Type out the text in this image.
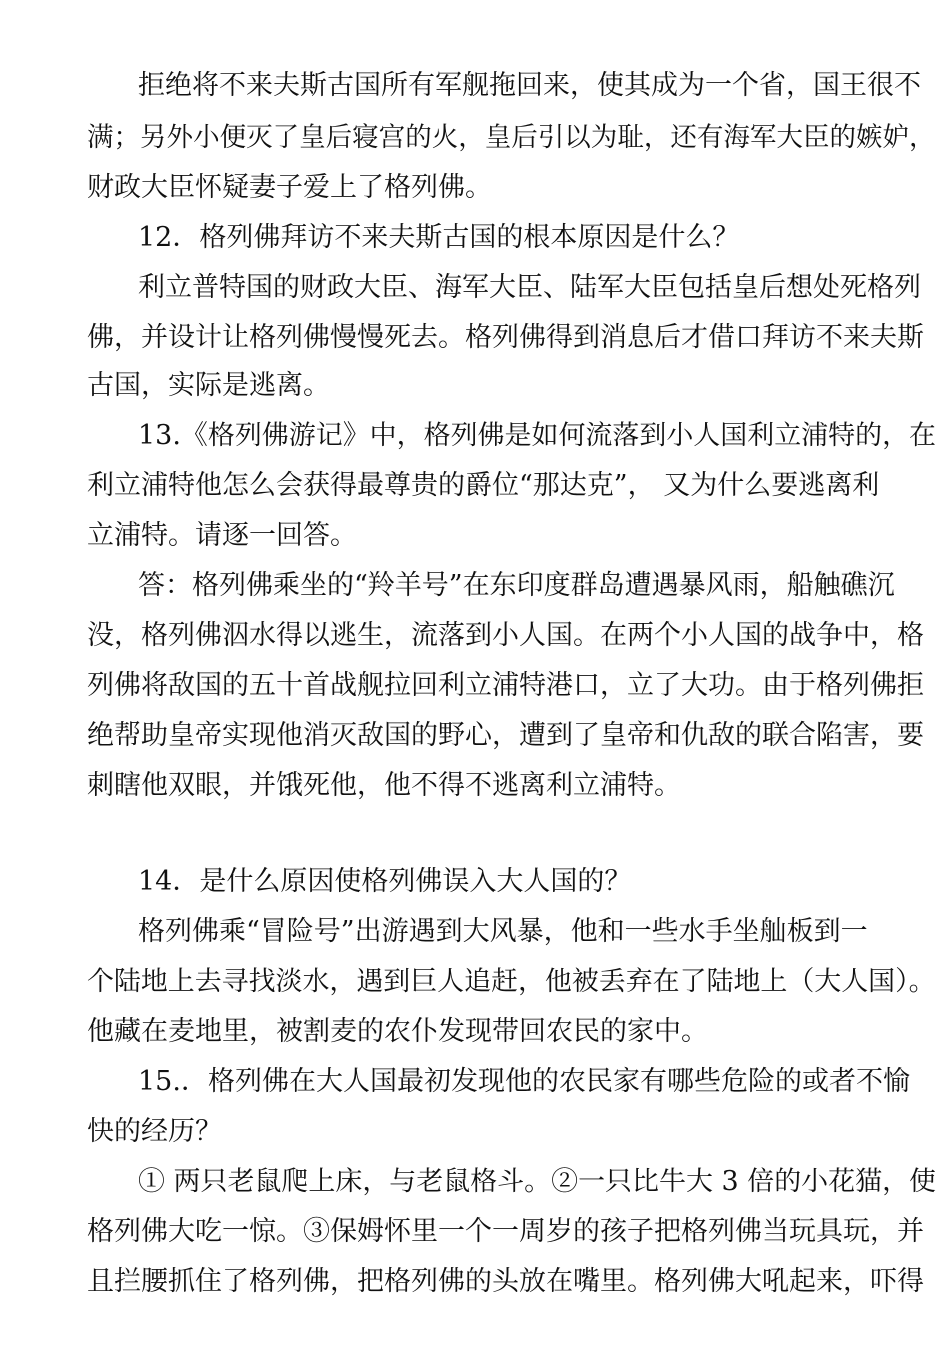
拒绝将不来夫斯古国所有军舰拖回来，使其成为一个省，国王很不
满；另外小便灭了皇后寝宫的火，皇后引以为耻，还有海军大臣的嫉妒，
财政大臣怀疑妻子爱上了格列佛。
12．格列佛拜访不来夫斯古国的根本原因是什么？
利立普特国的财政大臣、海军大臣、陆军大臣包括皇后想处死格列
佛，并设计让格列佛慢慢死去。格列佛得到消息后才借口拜访不来夫斯
古国，实际是逃离。
13.《格列佛游记》中，格列佛是如何流落到小人国利立浦特的，在
利立浦特他怎么会获得最尊贵的爵位“那达克”， 又为什么要逃离利
立浦特。请逐一回答。
答：格列佛乘坐的“羚羊号”在东印度群岛遭遇暴风雨，船触礁沉
没，格列佛泅水得以逃生，流落到小人国。在两个小人国的战争中，格
列佛将敌国的五十首战舰拉回利立浦特港口，立了大功。由于格列佛拒
绝帮助皇帝实现他消灭敌国的野心，遭到了皇帝和仇敌的联合陷害，要
刺瞎他双眼，并饿死他，他不得不逃离利立浦特。
14．是什么原因使格列佛误入大人国的？
格列佛乘“冒险号”出游遇到大风暴，他和一些水手坐舢板到一
个陆地上去寻找淡水，遇到巨人追赶，他被丢弃在了陆地上（大人国）。
他藏在麦地里，被割麦的农仆发现带回农民的家中。
15.．格列佛在大人国最初发现他的农民家有哪些危险的或者不愉
快的经历？
① 两只老鼠爬上床，与老鼠格斗。②一只比牛大 3 倍的小花猫，使
格列佛大吃一惊。③保姆怀里一个一周岁的孩子把格列佛当玩具玩，并
且拦腰抓住了格列佛，把格列佛的头放在嘴里。格列佛大吼起来，吓得
